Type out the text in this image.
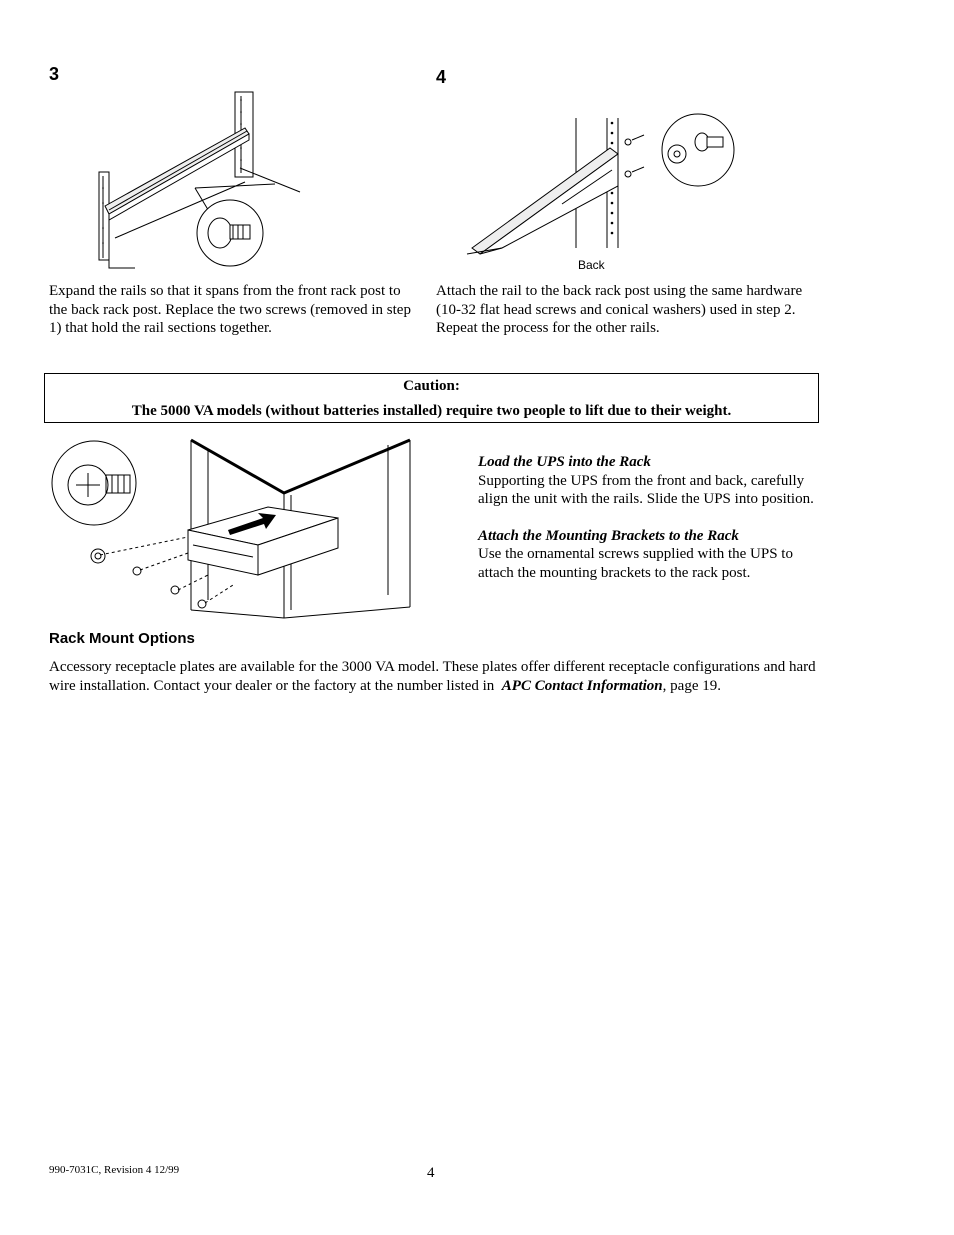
3
Expand the rails so that it spans from the front rack post to the back rack post. Replace the two screws (removed in step 1) that hold the rail sections together.
4
Back
Attach the rail to the back rack post using the same hardware (10-32 flat head screws and conical washers) used in step 2. Repeat the process for the other rails.
Caution:
The 5000 VA models (without batteries installed) require two people to lift due to their weight.
Load the UPS into the Rack
Supporting the UPS from the front and back, carefully align the unit with the rails. Slide the UPS into position.
Attach the Mounting Brackets to the Rack
Use the ornamental screws supplied with the UPS to attach the mounting brackets to the rack post.
Rack Mount Options
Accessory receptacle plates are available for the 3000 VA model. These plates offer different receptacle configurations and hard wire installation. Contact your dealer or the factory at the number listed in APC Contact Information, page 19.
990-7031C, Revision 4 12/99	4
